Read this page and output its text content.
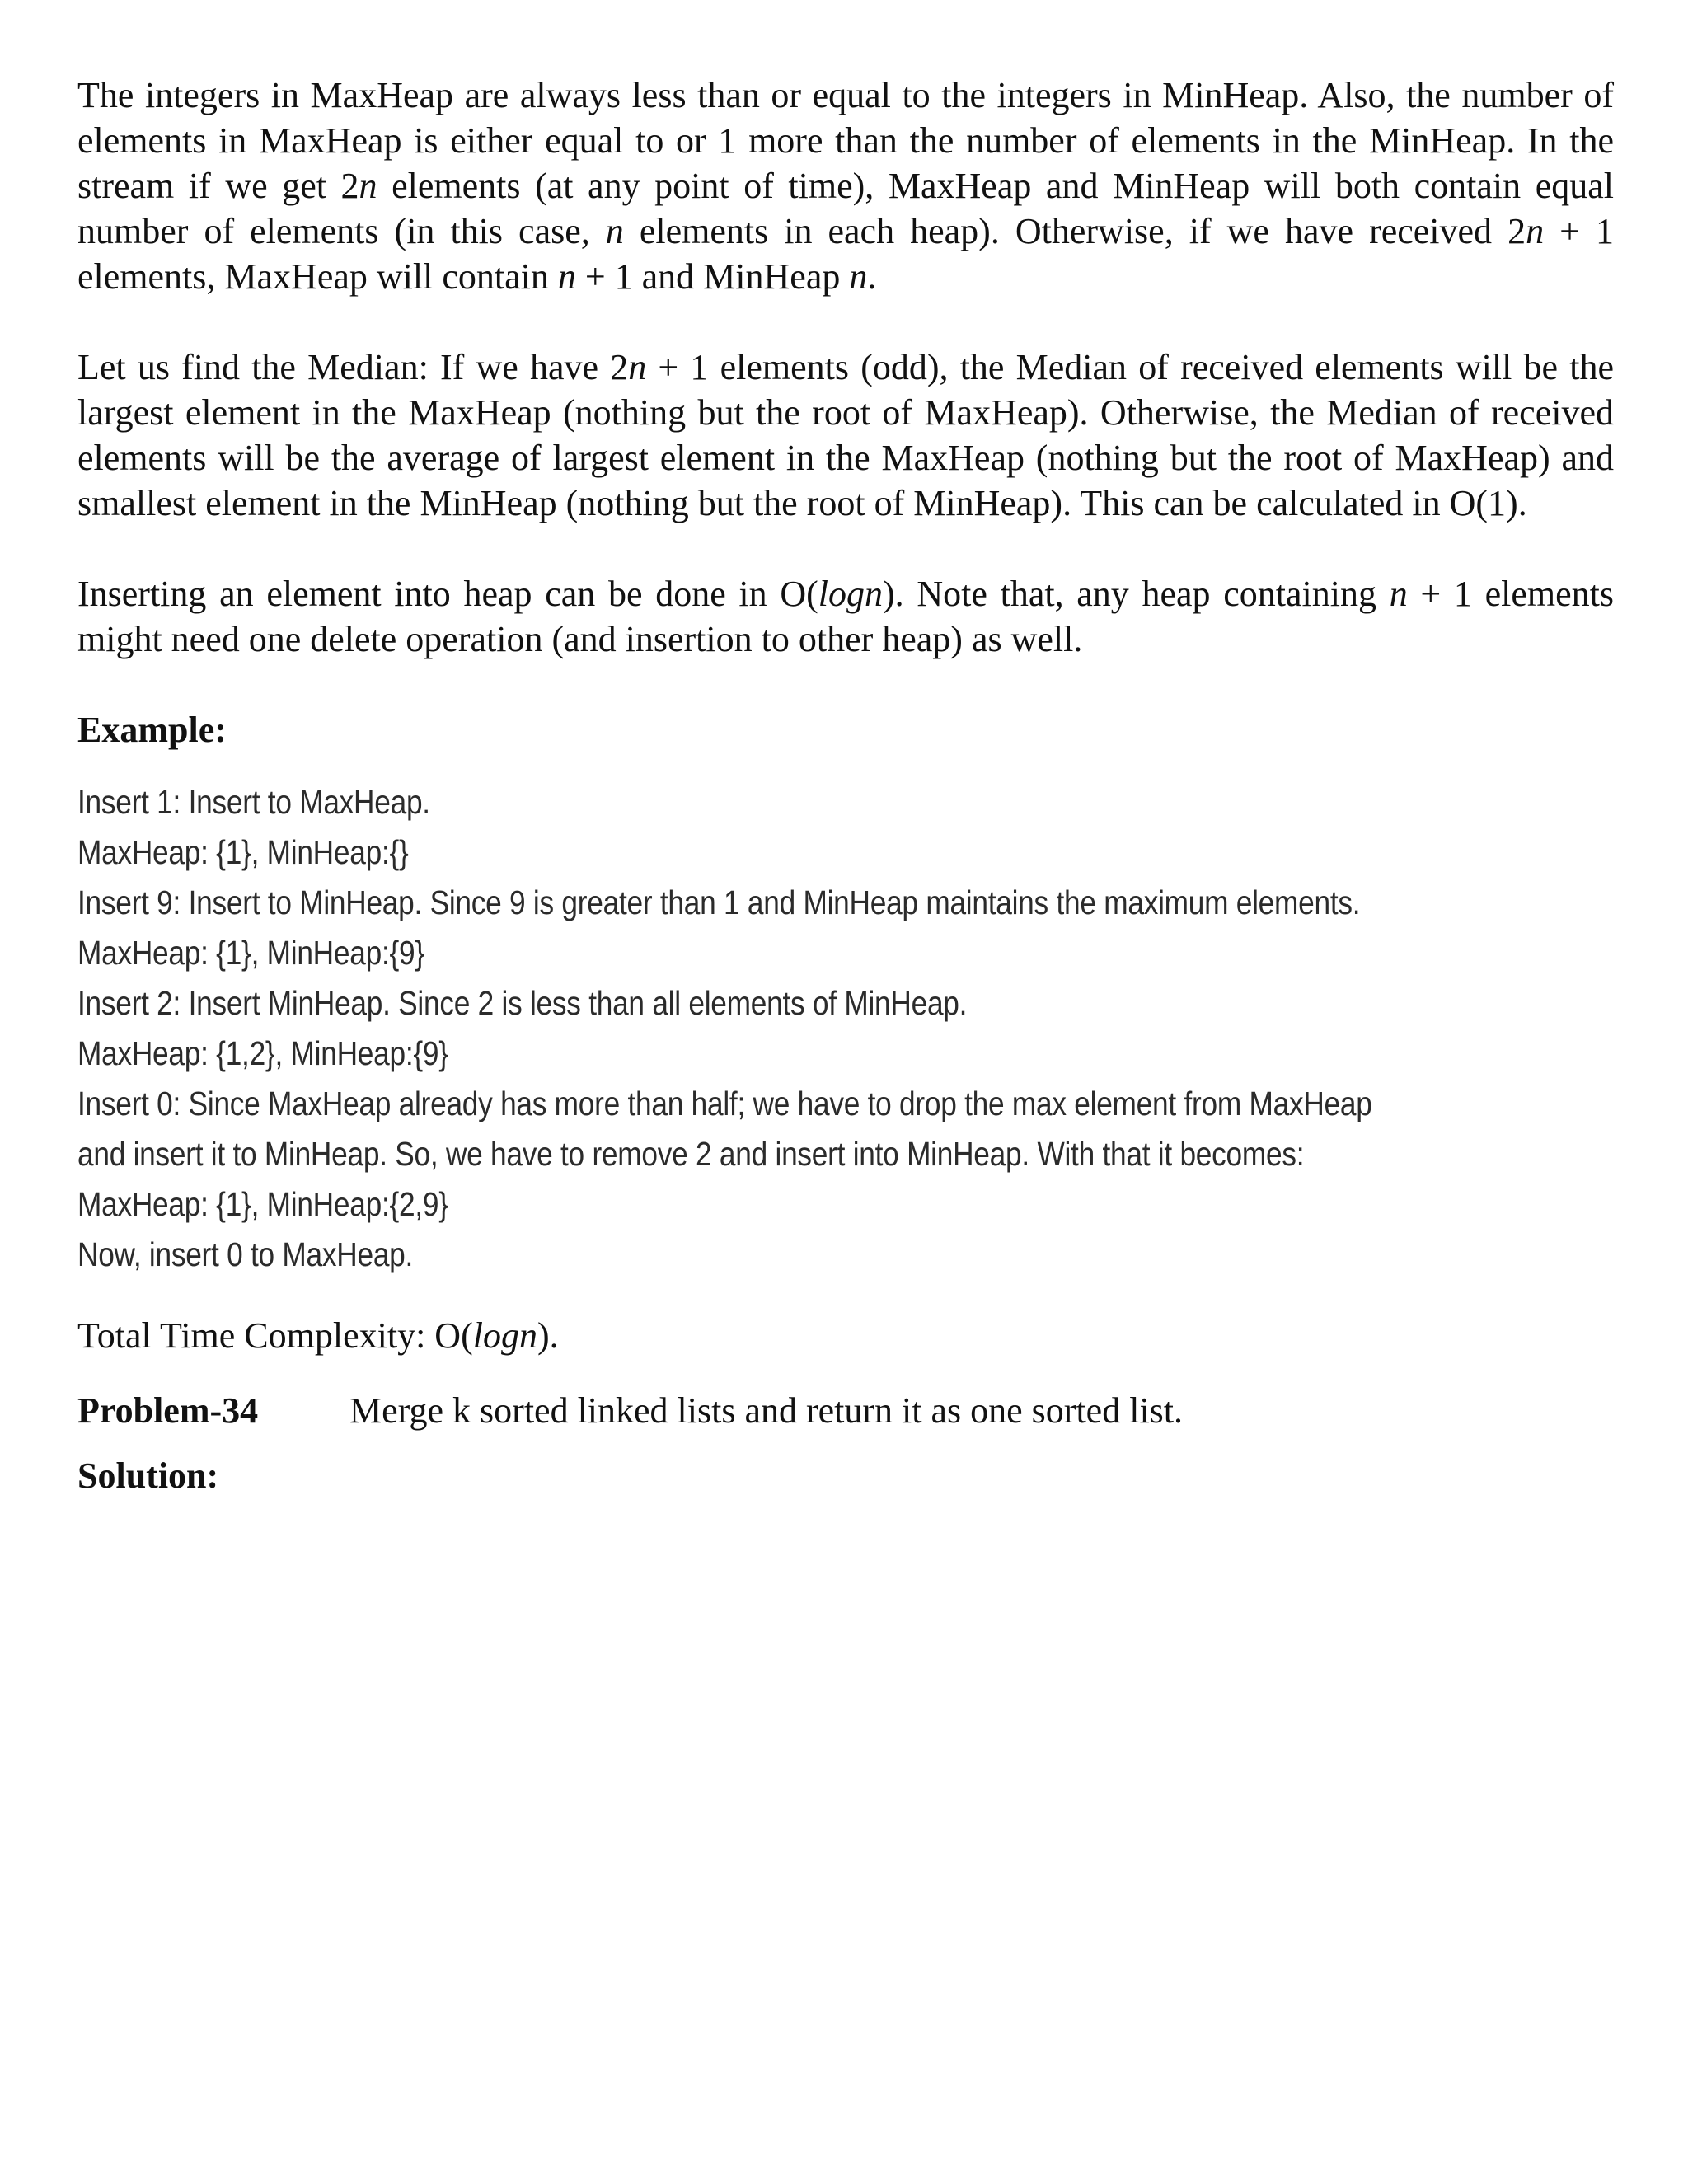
The integers in MaxHeap are always less than or equal to the integers in MinHeap. Also, the number of elements in MaxHeap is either equal to or 1 more than the number of elements in the MinHeap. In the stream if we get 2n elements (at any point of time), MaxHeap and MinHeap will both contain equal number of elements (in this case, n elements in each heap). Otherwise, if we have received 2n + 1 elements, MaxHeap will contain n + 1 and MinHeap n.

Let us find the Median: If we have 2n + 1 elements (odd), the Median of received elements will be the largest element in the MaxHeap (nothing but the root of MaxHeap). Otherwise, the Median of received elements will be the average of largest element in the MaxHeap (nothing but the root of MaxHeap) and smallest element in the MinHeap (nothing but the root of MinHeap). This can be calculated in O(1).

Inserting an element into heap can be done in O(logn). Note that, any heap containing n + 1 elements might need one delete operation (and insertion to other heap) as well.

Example:
Insert 1: Insert to MaxHeap.
MaxHeap: {1}, MinHeap:{}
Insert 9: Insert to MinHeap. Since 9 is greater than 1 and MinHeap maintains the maximum elements.
MaxHeap: {1}, MinHeap:{9}
Insert 2: Insert MinHeap. Since 2 is less than all elements of MinHeap.
MaxHeap: {1,2}, MinHeap:{9}
Insert 0: Since MaxHeap already has more than half; we have to drop the max element from MaxHeap
and insert it to MinHeap. So, we have to remove 2 and insert into MinHeap. With that it becomes:
MaxHeap: {1}, MinHeap:{2,9}
Now, insert 0 to MaxHeap.
Total Time Complexity: O(logn).
Problem-34	Merge k sorted linked lists and return it as one sorted list.
Solution:
